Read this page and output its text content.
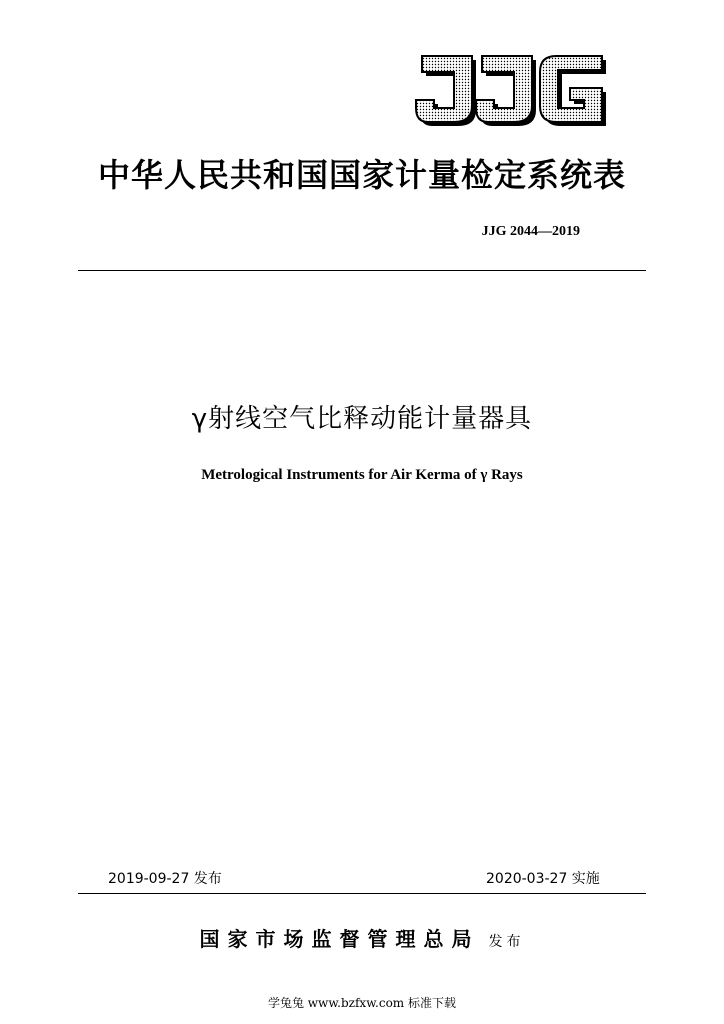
中华人民共和国国家计量检定系统表
JJG 2044—2019
γ射线空气比释动能计量器具
Metrological Instruments for Air Kerma of γ Rays
2019-09-27 发布	2020-03-27 实施
国家市场监督管理总局 发布
学兔兔 www.bzfxw.com 标准下载
